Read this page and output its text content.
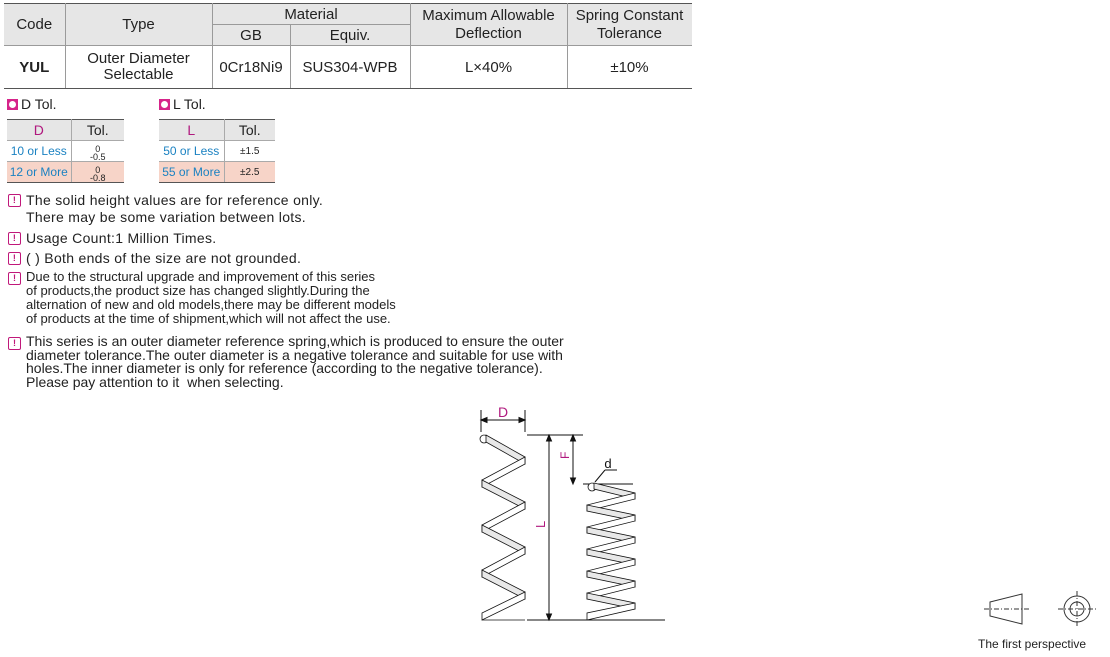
Code	Type	Material		Maximum Allowable Deflection	Spring Constant Tolerance
		GB	Equiv.		
YUL	Outer Diameter Selectable	0Cr18Ni9	SUS304-WPB	L×40%	±10%
D Tol.
D	Tol.
10 or Less	0
-0.5

12 or More	0
-0.8
L Tol.
L	Tol.
50 or Less	±1.5
55 or More	±2.5
! The solid height values are for reference only.
There may be some variation between lots.
! Usage Count:1 Million Times.
! ( ) Both ends of the size are not grounded.
! Due to the structural upgrade and improvement of this series
of products,the product size has changed slightly.During the
alternation of new and old models,there may be different models
of products at the time of shipment,which will not affect the use.
! This series is an outer diameter reference spring,which is produced to ensure the outer
diameter tolerance.The outer diameter is a negative tolerance and suitable for use with
holes.The inner diameter is only for reference (according to the negative tolerance).
Please pay attention to it  when selecting.
D
d
F
L
The first perspective
